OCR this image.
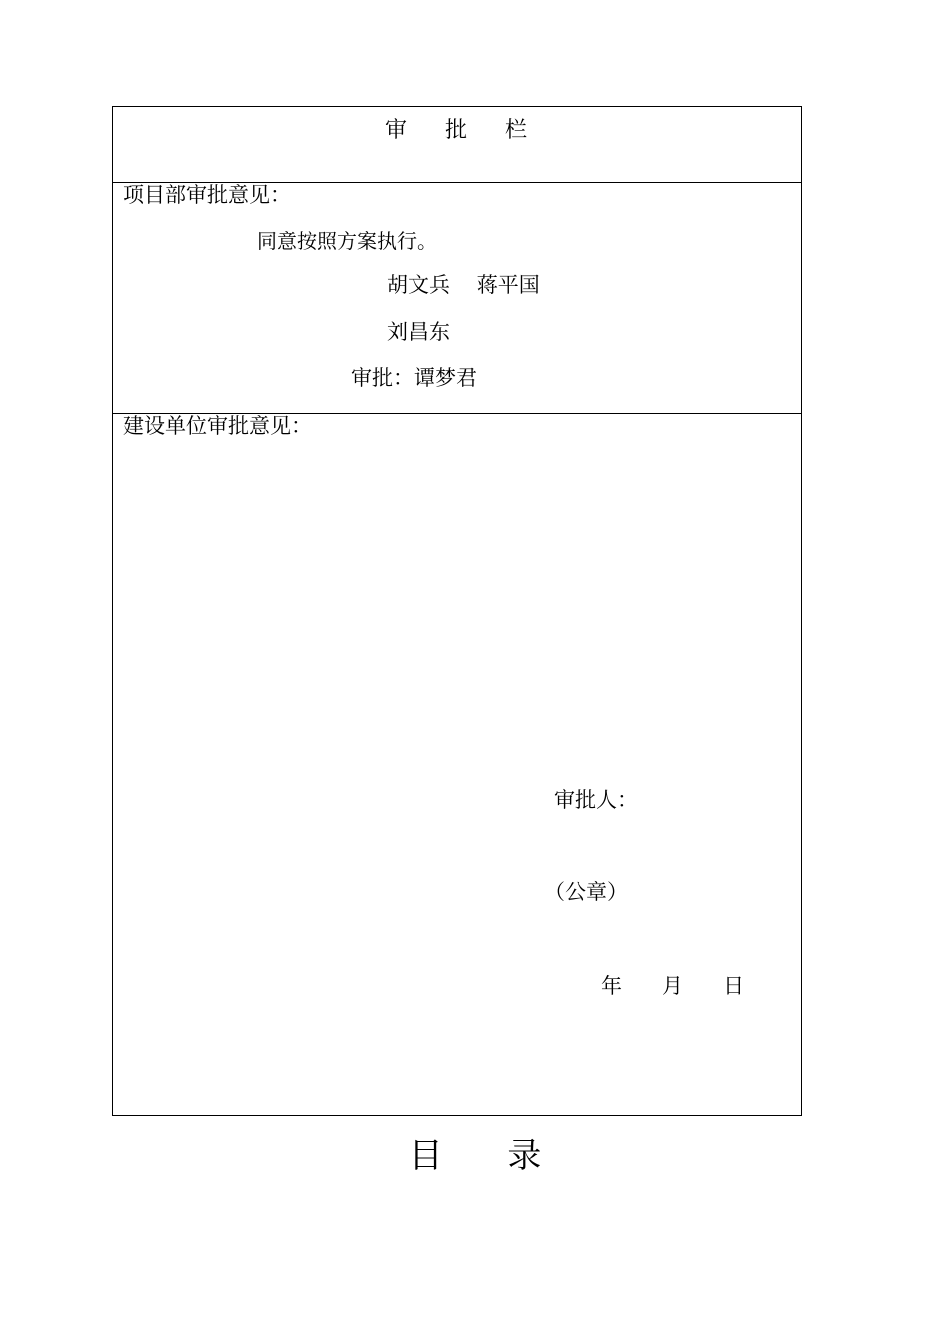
审    批    栏
项目部审批意见：
同意按照方案执行。
胡文兵    蒋平国
刘昌东
审批：谭梦君
建设单位审批意见：
审批人：
（公章）
年      月      日
目      录
